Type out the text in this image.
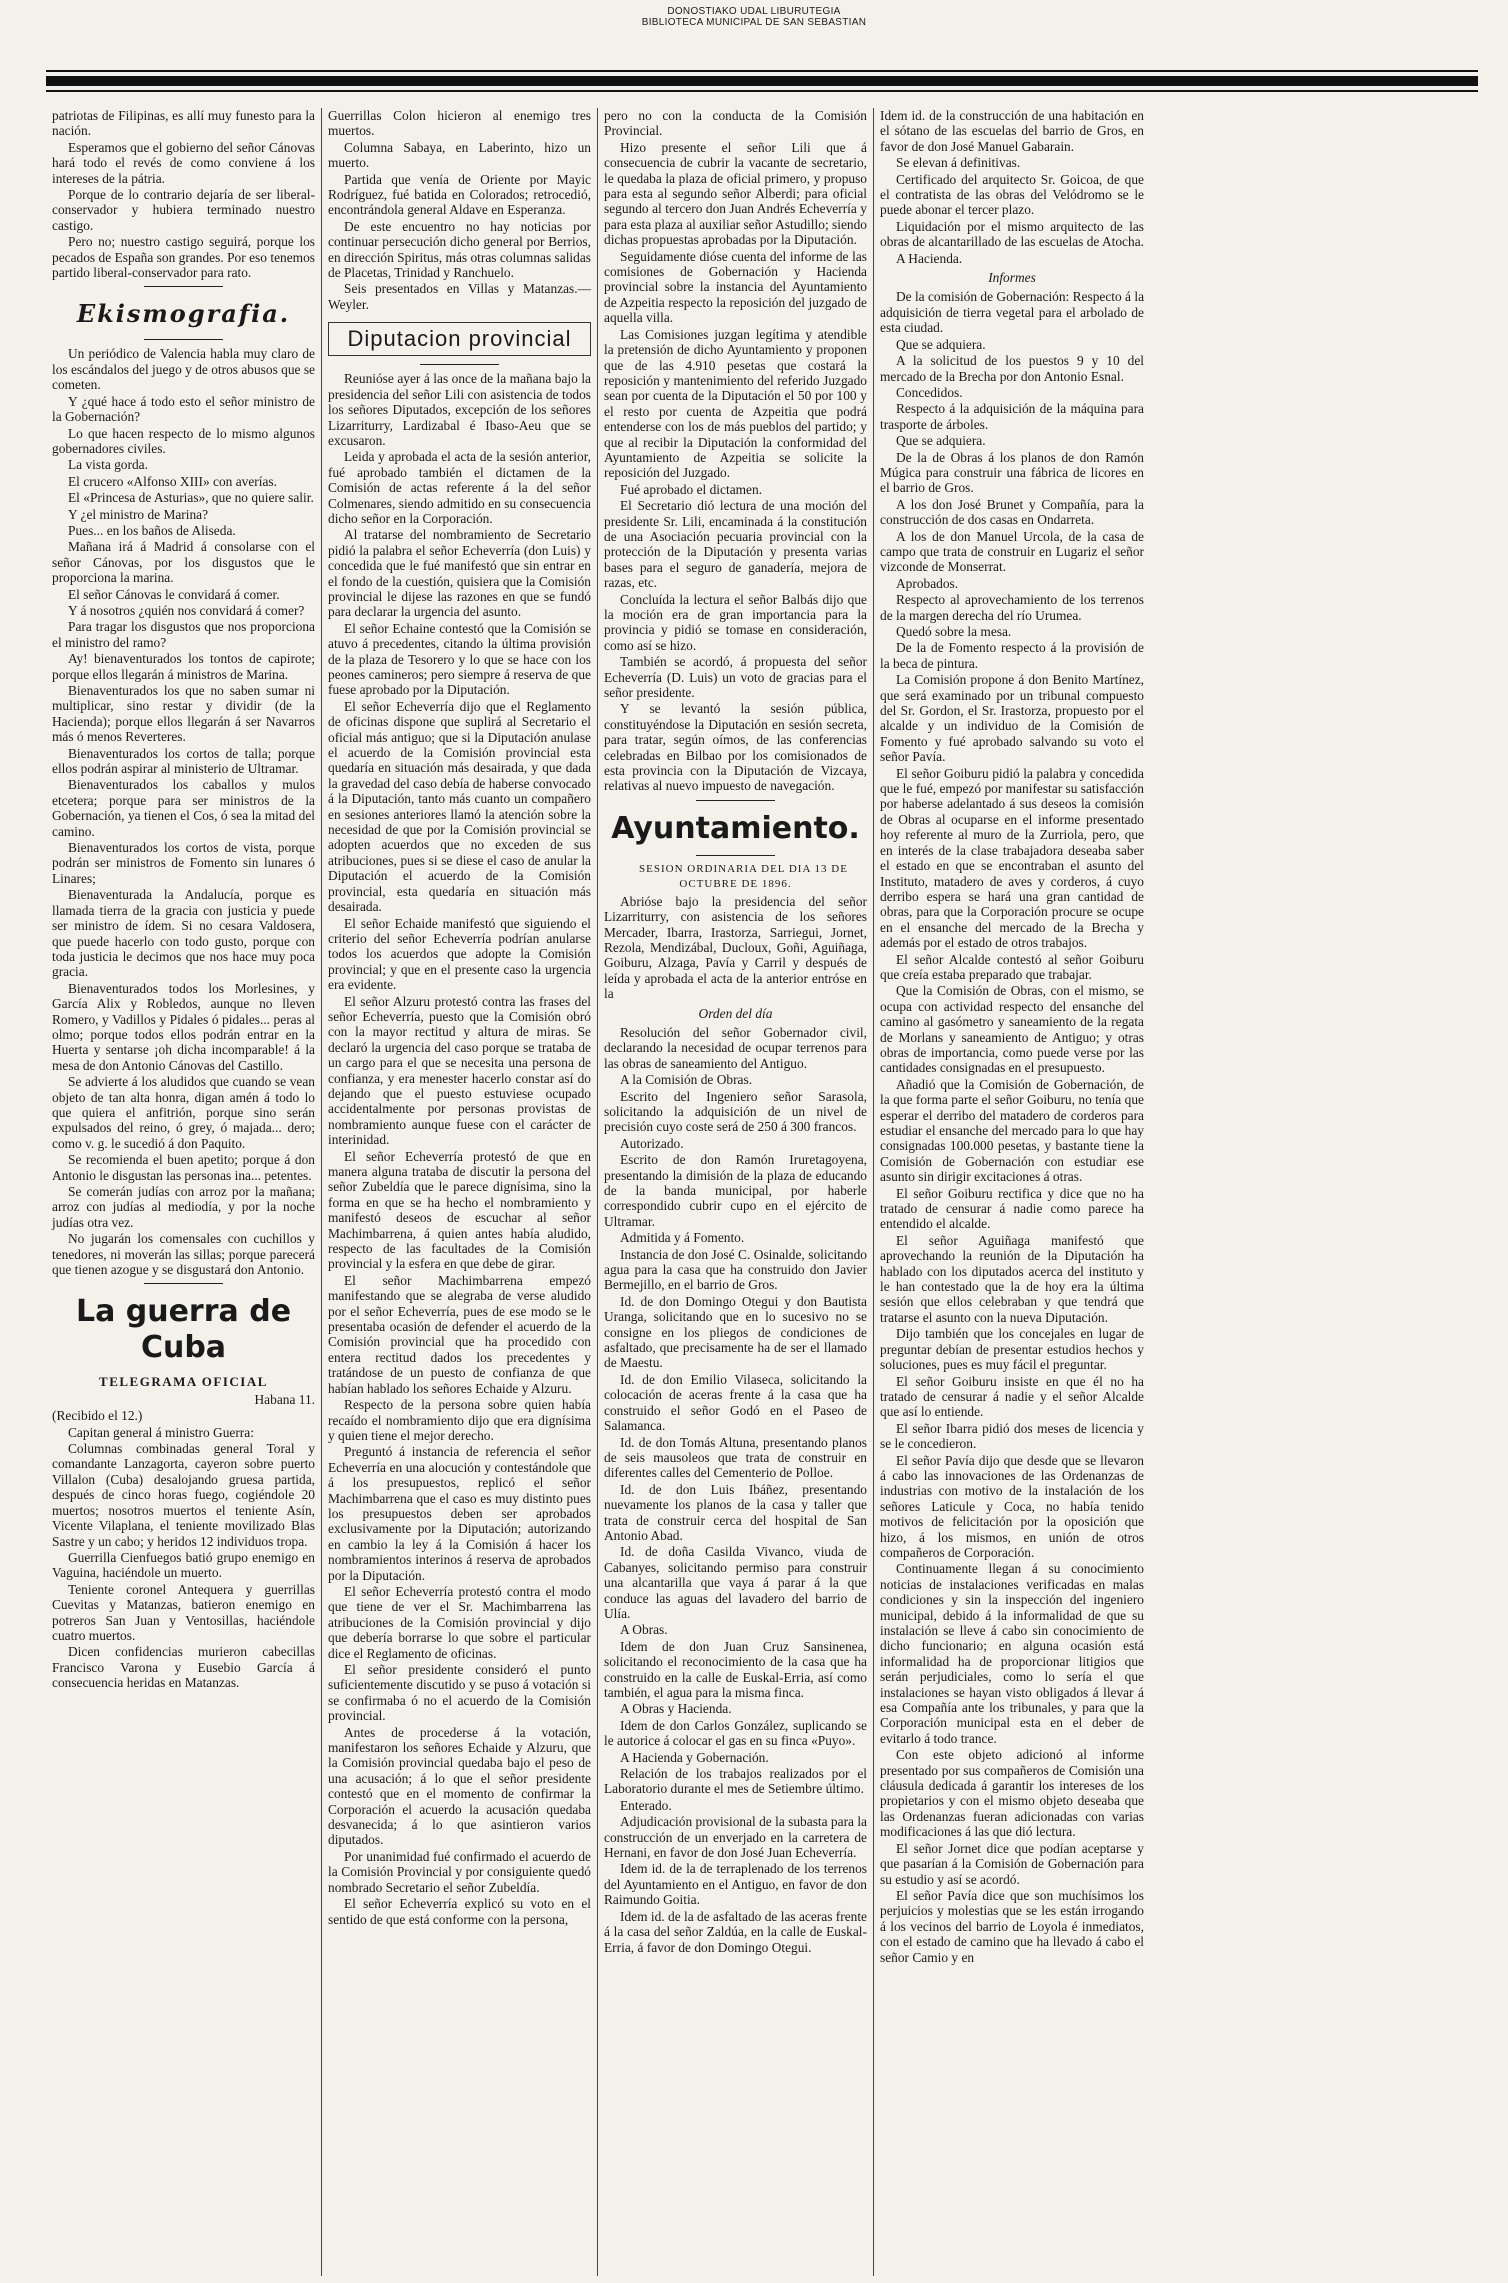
DONOSTIAKO UDAL LIBURUTEGIA
BIBLIOTECA MUNICIPAL DE SAN SEBASTIAN

patriotas de Filipinas, es allí muy funesto para la nación.

Esperamos que el gobierno del señor Cánovas hará todo el revés de como conviene á los intereses de la pátria.

Porque de lo contrario dejaría de ser liberal-conservador y hubiera terminado nuestro castigo.

Pero no; nuestro castigo seguirá, porque los pecados de España son grandes. Por eso tenemos partido liberal-conservador para rato.

Ekismografia.

Un periódico de Valencia habla muy claro de los escándalos del juego y de otros abusos que se cometen.

Y ¿qué hace á todo esto el señor ministro de la Gobernación?

Lo que hacen respecto de lo mismo algunos gobernadores civiles.

La vista gorda.

El crucero «Alfonso XIII» con averías.

El «Princesa de Asturias», que no quiere salir.

Y ¿el ministro de Marina?

Pues... en los baños de Aliseda.

Mañana irá á Madrid á consolarse con el señor Cánovas, por los disgustos que le proporciona la marina.

El señor Cánovas le convidará á comer.

Y á nosotros ¿quién nos convidará á comer?

Para tragar los disgustos que nos proporciona el ministro del ramo?

Ay! bienaventurados los tontos de capirote; porque ellos llegarán á ministros de Marina.

Bienaventurados los que no saben sumar ni multiplicar, sino restar y dividir (de la Hacienda); porque ellos llegarán á ser Navarros más ó menos Reverteres.

Bienaventurados los cortos de talla; porque ellos podrán aspirar al ministerio de Ultramar.

Bienaventurados los caballos y mulos etcetera; porque para ser ministros de la Gobernación, ya tienen el Cos, ó sea la mitad del camino.

Bienaventurados los cortos de vista, porque podrán ser ministros de Fomento sin lunares ó Linares;

Bienaventurada la Andalucía, porque es llamada tierra de la gracia con justicia y puede ser ministro de ídem. Si no cesara Valdosera, que puede hacerlo con todo gusto, porque con toda justicia le decimos que nos hace muy poca gracia.

Bienaventurados todos los Morlesines, y García Alix y Robledos, aunque no lleven Romero, y Vadillos y Pidales ó pidales... peras al olmo; porque todos ellos podrán entrar en la Huerta y sentarse ¡oh dicha incomparable! á la mesa de don Antonio Cánovas del Castillo.

Se advierte á los aludidos que cuando se vean objeto de tan alta honra, digan amén á todo lo que quiera el anfitrión, porque sino serán expulsados del reino, ó grey, ó majada... dero; como v. g. le sucedió á don Paquito.

Se recomienda el buen apetito; porque á don Antonio le disgustan las personas ina... petentes.

Se comerán judías con arroz por la mañana; arroz con judías al mediodía, y por la noche judías otra vez.

No jugarán los comensales con cuchillos y tenedores, ni moverán las sillas; porque parecerá que tienen azogue y se disgustará don Antonio.

La guerra de Cuba
TELEGRAMA OFICIAL

Habana 11.

(Recibido el 12.)

Capitan general á ministro Guerra:

Columnas combinadas general Toral y comandante Lanzagorta, cayeron sobre puerto Villalon (Cuba) desalojando gruesa partida, después de cinco horas fuego, cogiéndole 20 muertos; nosotros muertos el teniente Asín, Vicente Vilaplana, el teniente movilizado Blas Sastre y un cabo; y heridos 12 individuos tropa.

Guerrilla Cienfuegos batió grupo enemigo en Vaguina, haciéndole un muerto.

Teniente coronel Antequera y guerrillas Cuevitas y Matanzas, batieron enemigo en potreros San Juan y Ventosillas, haciéndole cuatro muertos.

Dicen confidencias murieron cabecillas Francisco Varona y Eusebio García á consecuencia heridas en Matanzas.

Guerrillas Colon hicieron al enemigo tres muertos.

Columna Sabaya, en Laberinto, hizo un muerto.

Partida que venía de Oriente por Mayic Rodríguez, fué batida en Colorados; retrocedió, encontrándola general Aldave en Esperanza.

De este encuentro no hay noticias por continuar persecución dicho general por Berrios, en dirección Spiritus, más otras columnas salidas de Placetas, Trinidad y Ranchuelo.

Seis presentados en Villas y Matanzas.— Weyler.

Diputacion provincial

Reunióse ayer á las once de la mañana bajo la presidencia del señor Lili con asistencia de todos los señores Diputados, excepción de los señores Lizarriturry, Lardizabal é Ibaso-Aeu que se excusaron.

Leida y aprobada el acta de la sesión anterior, fué aprobado también el dictamen de la Comisión de actas referente á la del señor Colmenares, siendo admitido en su consecuencia dicho señor en la Corporación.

Al tratarse del nombramiento de Secretario pidió la palabra el señor Echeverría (don Luis) y concedida que le fué manifestó que sin entrar en el fondo de la cuestión, quisiera que la Comisión provincial le dijese las razones en que se fundó para declarar la urgencia del asunto.

El señor Echaine contestó que la Comisión se atuvo á precedentes, citando la última provisión de la plaza de Tesorero y lo que se hace con los peones camineros; pero siempre á reserva de que fuese aprobado por la Diputación.

El señor Echeverría dijo que el Reglamento de oficinas dispone que suplirá al Secretario el oficial más antiguo; que si la Diputación anulase el acuerdo de la Comisión provincial esta quedaría en situación más desairada, y que dada la gravedad del caso debía de haberse convocado á la Diputación, tanto más cuanto un compañero en sesiones anteriores llamó la atención sobre la necesidad de que por la Comisión provincial se adopten acuerdos que no exceden de sus atribuciones, pues si se diese el caso de anular la Diputación el acuerdo de la Comisión provincial, esta quedaría en situación más desairada.

El señor Echaide manifestó que siguiendo el criterio del señor Echeverría podrían anularse todos los acuerdos que adopte la Comisión provincial; y que en el presente caso la urgencia era evidente.

El señor Alzuru protestó contra las frases del señor Echeverría, puesto que la Comisión obró con la mayor rectitud y altura de miras. Se declaró la urgencia del caso porque se trataba de un cargo para el que se necesita una persona de confianza, y era menester hacerlo constar así do dejando que el puesto estuviese ocupado accidentalmente por personas provistas de nombramiento aunque fuese con el carácter de interinidad.

El señor Echeverría protestó de que en manera alguna trataba de discutir la persona del señor Zubeldía que le parece dignísima, sino la forma en que se ha hecho el nombramiento y manifestó deseos de escuchar al señor Machimbarrena, á quien antes había aludido, respecto de las facultades de la Comisión provincial y la esfera en que debe de girar.

El señor Machimbarrena empezó manifestando que se alegraba de verse aludido por el señor Echeverría, pues de ese modo se le presentaba ocasión de defender el acuerdo de la Comisión provincial que ha procedido con entera rectitud dados los precedentes y tratándose de un puesto de confianza de que habían hablado los señores Echaide y Alzuru.

Respecto de la persona sobre quien había recaído el nombramiento dijo que era dignísima y quien tiene el mejor derecho.

Preguntó á instancia de referencia el señor Echeverría en una alocución y contestándole que á los presupuestos, replicó el señor Machimbarrena que el caso es muy distinto pues los presupuestos deben ser aprobados exclusivamente por la Diputación; autorizando en cambio la ley á la Comisión á hacer los nombramientos interinos á reserva de aprobados por la Diputación.

El señor Echeverría protestó contra el modo que tiene de ver el Sr. Machimbarrena las atribuciones de la Comisión provincial y dijo que debería borrarse lo que sobre el particular dice el Reglamento de oficinas.

El señor presidente consideró el punto suficientemente discutido y se puso á votación si se confirmaba ó no el acuerdo de la Comisión provincial.

Antes de procederse á la votación, manifestaron los señores Echaide y Alzuru, que la Comisión provincial quedaba bajo el peso de una acusación; á lo que el señor presidente contestó que en el momento de confirmar la Corporación el acuerdo la acusación quedaba desvanecida; á lo que asintieron varios diputados.

Por unanimidad fué confirmado el acuerdo de la Comisión Provincial y por consiguiente quedó nombrado Secretario el señor Zubeldía.

El señor Echeverría explicó su voto en el sentido de que está conforme con la persona,

pero no con la conducta de la Comisión Provincial.

Hizo presente el señor Lili que á consecuencia de cubrir la vacante de secretario, le quedaba la plaza de oficial primero, y propuso para esta al segundo señor Alberdi; para oficial segundo al tercero don Juan Andrés Echeverría y para esta plaza al auxiliar señor Astudillo; siendo dichas propuestas aprobadas por la Diputación.

Seguidamente dióse cuenta del informe de las comisiones de Gobernación y Hacienda provincial sobre la instancia del Ayuntamiento de Azpeitia respecto la reposición del juzgado de aquella villa.

Las Comisiones juzgan legítima y atendible la pretensión de dicho Ayuntamiento y proponen que de las 4.910 pesetas que costará la reposición y mantenimiento del referido Juzgado sean por cuenta de la Diputación el 50 por 100 y el resto por cuenta de Azpeitia que podrá entenderse con los de más pueblos del partido; y que al recibir la Diputación la conformidad del Ayuntamiento de Azpeitia se solicite la reposición del Juzgado.

Fué aprobado el dictamen.

El Secretario dió lectura de una moción del presidente Sr. Lili, encaminada á la constitución de una Asociación pecuaria provincial con la protección de la Diputación y presenta varias bases para el seguro de ganadería, mejora de razas, etc.

Concluída la lectura el señor Balbás dijo que la moción era de gran importancia para la provincia y pidió se tomase en consideración, como así se hizo.

También se acordó, á propuesta del señor Echeverría (D. Luis) un voto de gracias para el señor presidente.

Y se levantó la sesión pública, constituyéndose la Diputación en sesión secreta, para tratar, según oímos, de las conferencias celebradas en Bilbao por los comisionados de esta provincia con la Diputación de Vizcaya, relativas al nuevo impuesto de navegación.

Ayuntamiento.

SESION ORDINARIA DEL DIA 13 DE OCTUBRE DE 1896.

Abrióse bajo la presidencia del señor Lizarriturry, con asistencia de los señores Mercader, Ibarra, Irastorza, Sarriegui, Jornet, Rezola, Mendizábal, Ducloux, Goñi, Aguiñaga, Goiburu, Alzaga, Pavía y Carril y después de leída y aprobada el acta de la anterior entróse en la

Orden del día

Resolución del señor Gobernador civil, declarando la necesidad de ocupar terrenos para las obras de saneamiento del Antiguo.

A la Comisión de Obras.

Escrito del Ingeniero señor Sarasola, solicitando la adquisición de un nivel de precisión cuyo coste será de 250 á 300 francos.

Autorizado.

Escrito de don Ramón Iruretagoyena, presentando la dimisión de la plaza de educando de la banda municipal, por haberle correspondido cubrir cupo en el ejército de Ultramar.

Admitida y á Fomento.

Instancia de don José C. Osinalde, solicitando agua para la casa que ha construido don Javier Bermejillo, en el barrio de Gros.

Id. de don Domingo Otegui y don Bautista Uranga, solicitando que en lo sucesivo no se consigne en los pliegos de condiciones de asfaltado, que precisamente ha de ser el llamado de Maestu.

Id. de don Emilio Vilaseca, solicitando la colocación de aceras frente á la casa que ha construido el señor Godó en el Paseo de Salamanca.

Id. de don Tomás Altuna, presentando planos de seis mausoleos que trata de construir en diferentes calles del Cementerio de Polloe.

Id. de don Luis Ibáñez, presentando nuevamente los planos de la casa y taller que trata de construir cerca del hospital de San Antonio Abad.

Id. de doña Casilda Vivanco, viuda de Cabanyes, solicitando permiso para construir una alcantarilla que vaya á parar á la que conduce las aguas del lavadero del barrio de Ulía.

A Obras.

Idem de don Juan Cruz Sansinenea, solicitando el reconocimiento de la casa que ha construido en la calle de Euskal-Erria, así como también, el agua para la misma finca.

A Obras y Hacienda.

Idem de don Carlos González, suplicando se le autorice á colocar el gas en su finca «Puyo».

A Hacienda y Gobernación.

Relación de los trabajos realizados por el Laboratorio durante el mes de Setiembre último.

Enterado.

Adjudicación provisional de la subasta para la construcción de un enverjado en la carretera de Hernani, en favor de don José Juan Echeverría.

Idem id. de la de terraplenado de los terrenos del Ayuntamiento en el Antiguo, en favor de don Raimundo Goitia.

Idem id. de la de asfaltado de las aceras frente á la casa del señor Zaldúa, en la calle de Euskal-Erria, á favor de don Domingo Otegui.

Idem id. de la construcción de una habitación en el sótano de las escuelas del barrio de Gros, en favor de don José Manuel Gabarain.

Se elevan á definitivas.

Certificado del arquitecto Sr. Goicoa, de que el contratista de las obras del Velódromo se le puede abonar el tercer plazo.

Liquidación por el mismo arquitecto de las obras de alcantarillado de las escuelas de Atocha.

A Hacienda.

Informes

De la comisión de Gobernación: Respecto á la adquisición de tierra vegetal para el arbolado de esta ciudad.

Que se adquiera.

A la solicitud de los puestos 9 y 10 del mercado de la Brecha por don Antonio Esnal.

Concedidos.

Respecto á la adquisición de la máquina para trasporte de árboles.

Que se adquiera.

De la de Obras á los planos de don Ramón Múgica para construir una fábrica de licores en el barrio de Gros.

A los don José Brunet y Compañía, para la construcción de dos casas en Ondarreta.

A los de don Manuel Urcola, de la casa de campo que trata de construir en Lugariz el señor vizconde de Monserrat.

Aprobados.

Respecto al aprovechamiento de los terrenos de la margen derecha del río Urumea.

Quedó sobre la mesa.

De la de Fomento respecto á la provisión de la beca de pintura.

La Comisión propone á don Benito Martínez, que será examinado por un tribunal compuesto del Sr. Gordon, el Sr. Irastorza, propuesto por el alcalde y un individuo de la Comisión de Fomento y fué aprobado salvando su voto el señor Pavía.

El señor Goiburu pidió la palabra y concedida que le fué, empezó por manifestar su satisfacción por haberse adelantado á sus deseos la comisión de Obras al ocuparse en el informe presentado hoy referente al muro de la Zurriola, pero, que en interés de la clase trabajadora deseaba saber el estado en que se encontraban el asunto del Instituto, matadero de aves y corderos, á cuyo derribo espera se hará una gran cantidad de obras, para que la Corporación procure se ocupe en el ensanche del mercado de la Brecha y además por el estado de otros trabajos.

El señor Alcalde contestó al señor Goiburu que creía estaba preparado que trabajar.

Que la Comisión de Obras, con el mismo, se ocupa con actividad respecto del ensanche del camino al gasómetro y saneamiento de la regata de Morlans y saneamiento de Antiguo; y otras obras de importancia, como puede verse por las cantidades consignadas en el presupuesto.

Añadió que la Comisión de Gobernación, de la que forma parte el señor Goiburu, no tenía que esperar el derribo del matadero de corderos para estudiar el ensanche del mercado para lo que hay consignadas 100.000 pesetas, y bastante tiene la Comisión de Gobernación con estudiar ese asunto sin dirigir excitaciones á otras.

El señor Goiburu rectifica y dice que no ha tratado de censurar á nadie como parece ha entendido el alcalde.

El señor Aguiñaga manifestó que aprovechando la reunión de la Diputación ha hablado con los diputados acerca del instituto y le han contestado que la de hoy era la última sesión que ellos celebraban y que tendrá que tratarse el asunto con la nueva Diputación.

Dijo también que los concejales en lugar de preguntar debían de presentar estudios hechos y soluciones, pues es muy fácil el preguntar.

El señor Goiburu insiste en que él no ha tratado de censurar á nadie y el señor Alcalde que así lo entiende.

El señor Ibarra pidió dos meses de licencia y se le concedieron.

El señor Pavía dijo que desde que se llevaron á cabo las innovaciones de las Ordenanzas de industrias con motivo de la instalación de los señores Laticule y Coca, no había tenido motivos de felicitación por la oposición que hizo, á los mismos, en unión de otros compañeros de Corporación.

Continuamente llegan á su conocimiento noticias de instalaciones verificadas en malas condiciones y sin la inspección del ingeniero municipal, debido á la informalidad de que su instalación se lleve á cabo sin conocimiento de dicho funcionario; en alguna ocasión está informalidad ha de proporcionar litigios que serán perjudiciales, como lo sería el que instalaciones se hayan visto obligados á llevar á esa Compañía ante los tribunales, y para que la Corporación municipal esta en el deber de evitarlo á todo trance.

Con este objeto adicionó al informe presentado por sus compañeros de Comisión una cláusula dedicada á garantir los intereses de los propietarios y con el mismo objeto deseaba que las Ordenanzas fueran adicionadas con varias modificaciones á las que dió lectura.

El señor Jornet dice que podían aceptarse y que pasarían á la Comisión de Gobernación para su estudio y así se acordó.

El señor Pavía dice que son muchísimos los perjuicios y molestias que se les están irrogando á los vecinos del barrio de Loyola é inmediatos, con el estado de camino que ha llevado á cabo el señor Camio y en
